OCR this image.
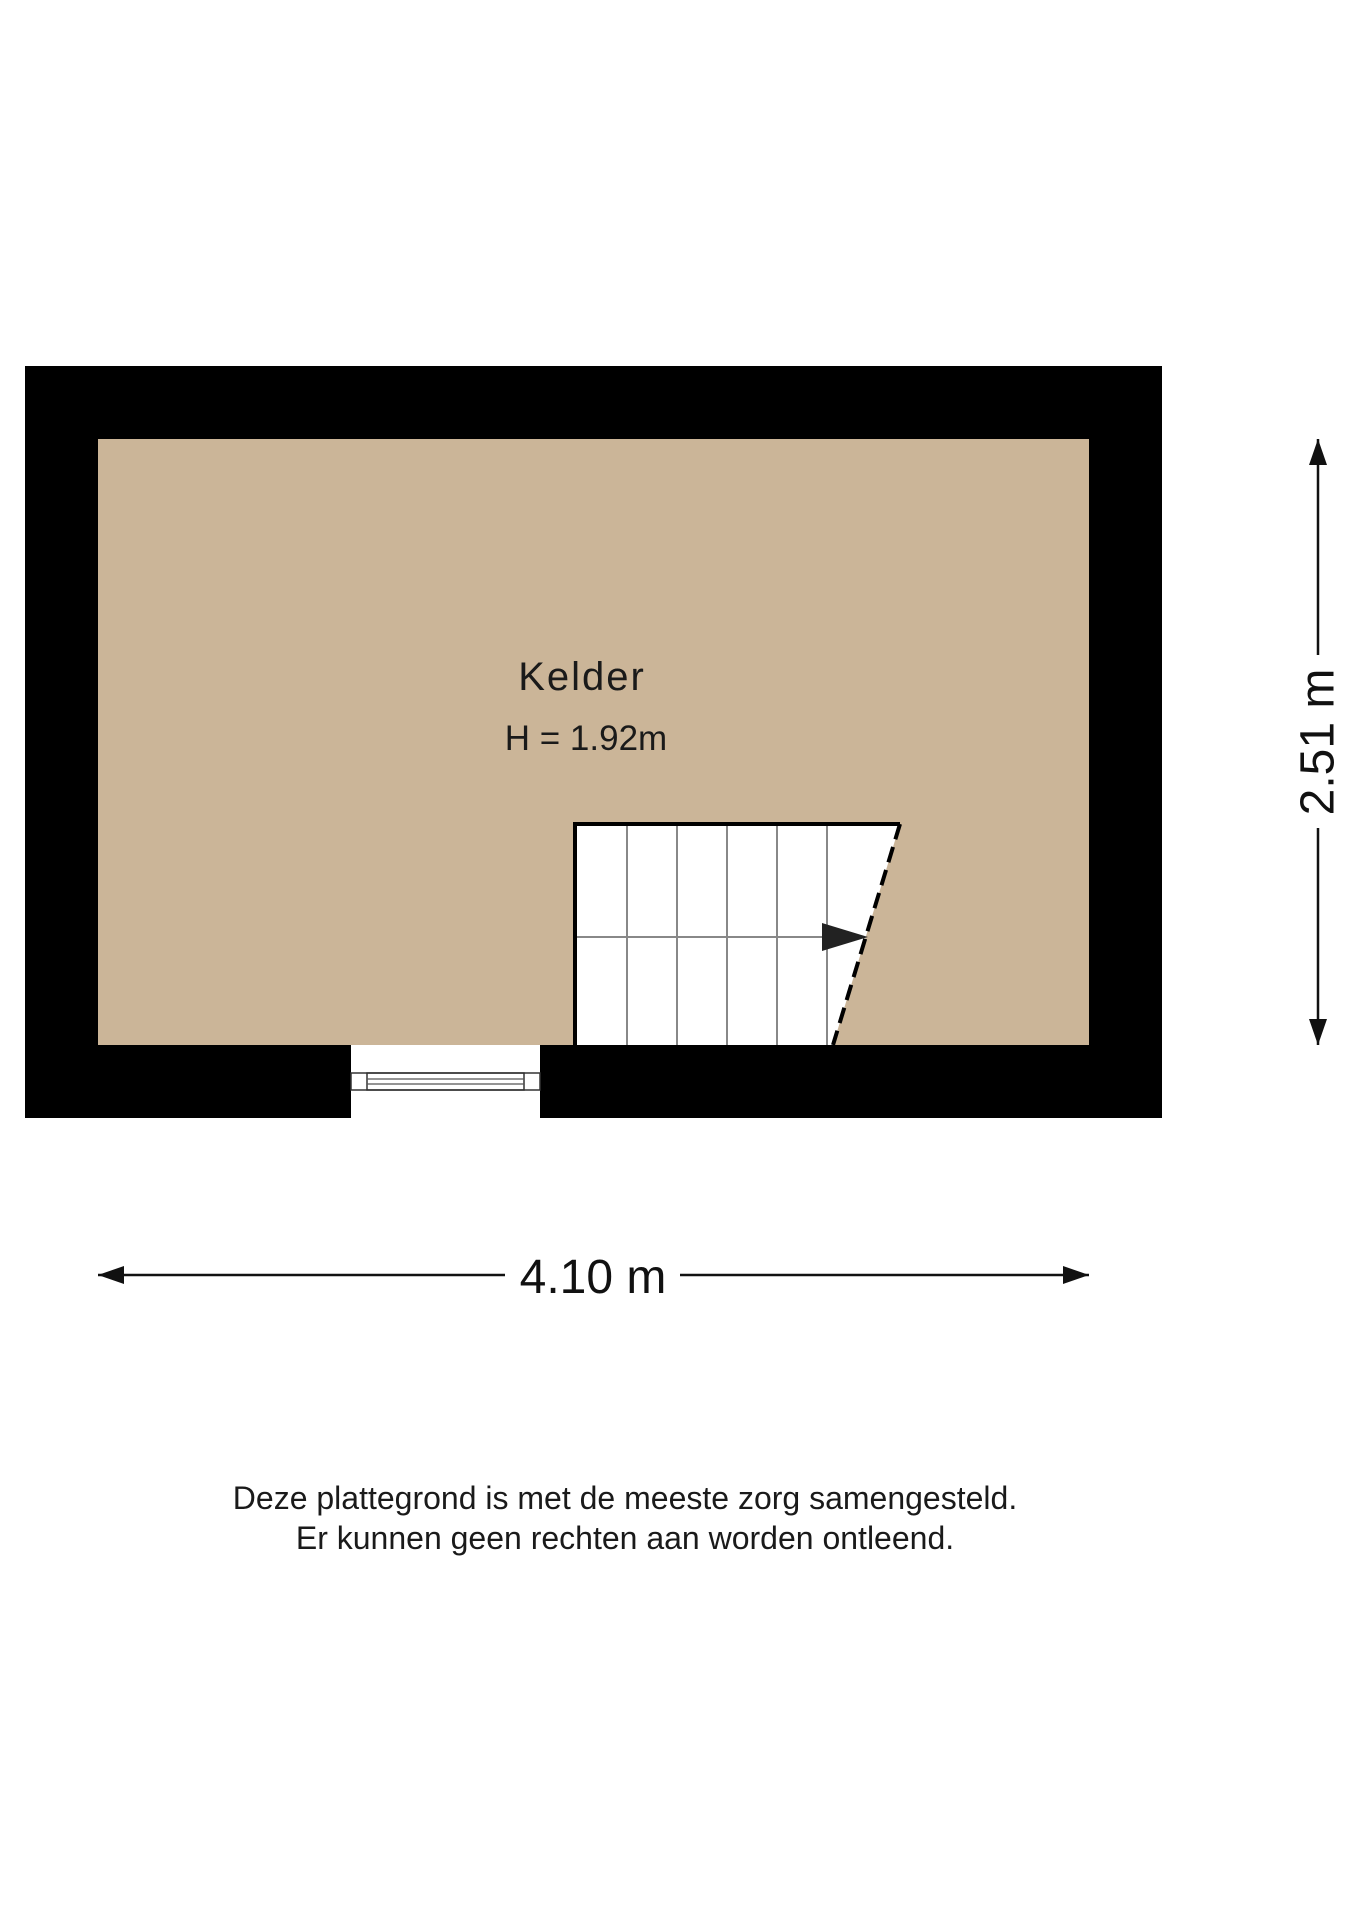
Kelder
H = 1.92m
4.10 m
2.51 m
Deze plattegrond is met de meeste zorg samengesteld.
Er kunnen geen rechten aan worden ontleend.
